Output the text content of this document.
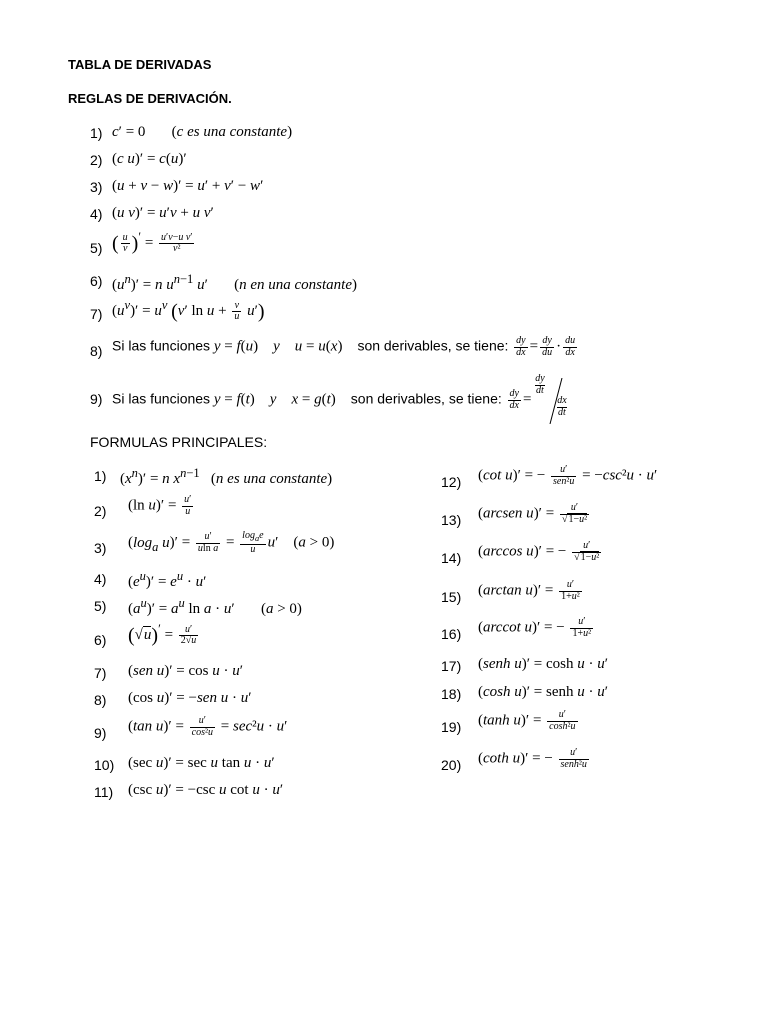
TABLA DE DERIVADAS
REGLAS DE DERIVACIÓN.
1) c′ = 0       (c es una constante)
2) (c u)′ = c(u)′
3) (u + v − w)′ = u′ + v′ − w′
4) (u v)′ = u′v + u v′
5) ( $\frac{u}{v} )' = \frac{\text{u′v−u v′}}{\text{v²}}$
6) $(u^n)' = n$ $u^{n-1}$ u′       (n en una constante)
7) $(u^v)' = u^v$ (v′ $\ln u + \frac{v}{u} u'$)
8) Si las funciones y = f(u)    y u = u(x)    son derivables, se tiene: $\frac{dy}{dx} = \frac{dy}{du} \cdot \frac{du}{dx}$
9) Si las funciones y = f(t)    y x = g(t)    son derivables, se tiene: $\frac{dy}{dx}$ =
dy
dt
dx
dt
FORMULAS PRINCIPALES:
1) $(x^n)' = n$ $x^{n-1}$   (n es una constante)
2) (ln $u)' = \frac{u'}{u}$
3) ($\log_a$ $u)' = \frac{u'}{\text{uln a}} = \frac{\log_ae}{u} u'$    (a > 0)
4) $(e^u)' = e^u \cdot u'$
5) $(a^u)' = a^u$ ln a · u′       (a > 0)
6) $(√u)' = \frac{u'}{2√u}$
7) (sen u)′ = cos u · u′
8) (cos u)′ = −sen u · u′
9) (tan $u)' = \frac{u'}{\text{cos²u}} = \sec^2u \cdot u'$
10) (sec u)′ = sec u tan u · u′
11) (csc u)′ = −csc u cot u · u′
12) (cot u)′ = − $\frac{u'}{\text{sen²u}} = -\csc^2u \cdot u'$
13) (arcsen $u)' = \frac{u'}{\text{√1−u²}}$
14) (arccos u)′ = − $\frac{u'}{\text{√1−u²}}$
15) (arctan $u)' = \frac{u'}{\text{1+u²}}$
16) (arccot u)′ = − $\frac{u'}{\text{1+u²}}$
17) (senh u)′ = cosh u · u′
18) (cosh u)′ = senh u · u′
19) (tanh $u)' = \frac{u'}{\text{cosh²u}}$
20) (coth u)′ = − $\frac{u'}{\text{senh²u}}$
